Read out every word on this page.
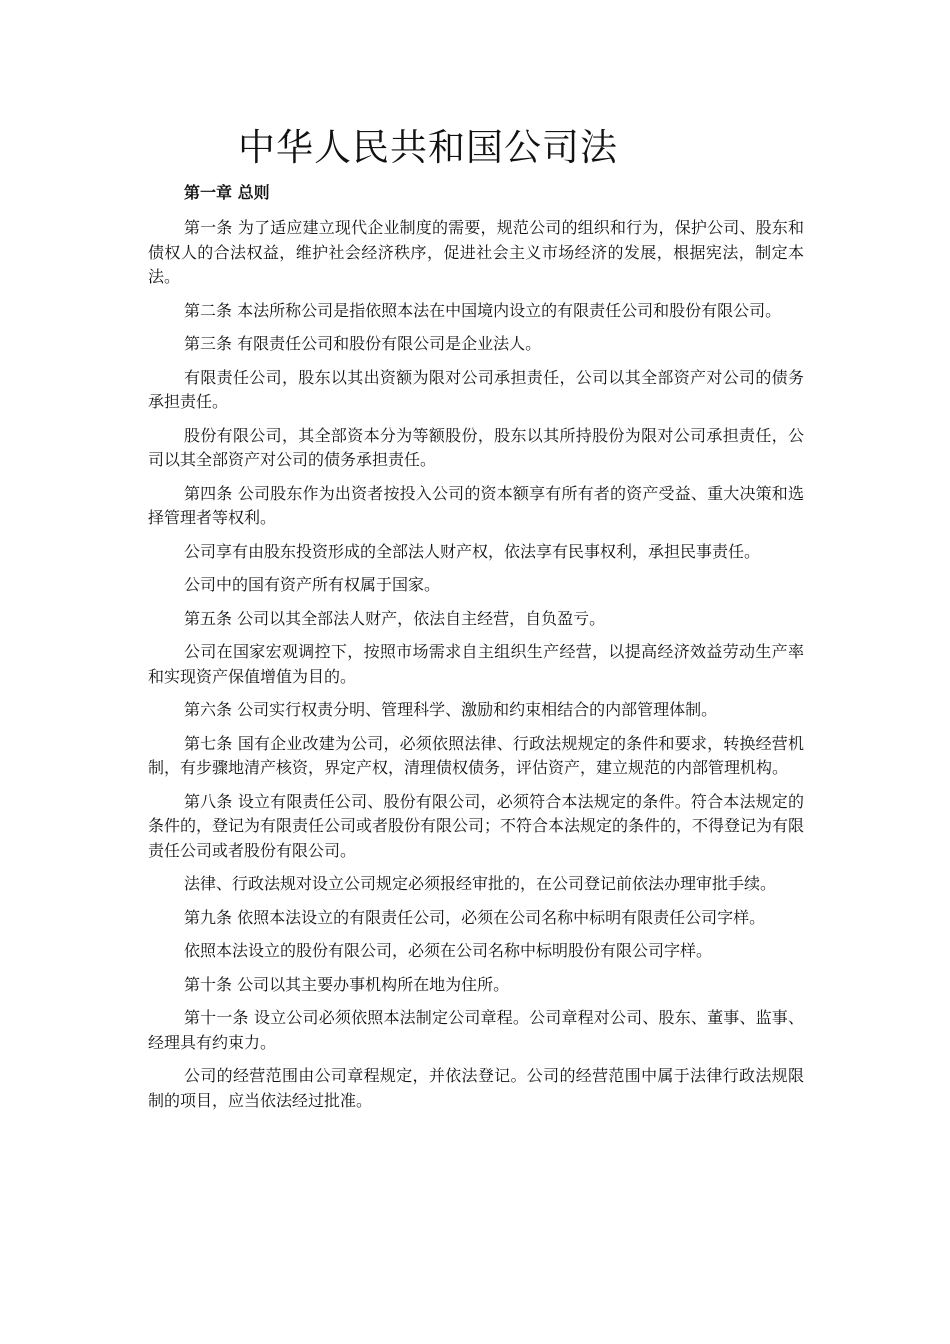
中华人民共和国公司法
第一章 总则

第一条 为了适应建立现代企业制度的需要，规范公司的组织和行为，保护公司、股东和债权人的合法权益，维护社会经济秩序，促进社会主义市场经济的发展，根据宪法，制定本法。

第二条 本法所称公司是指依照本法在中国境内设立的有限责任公司和股份有限公司。

第三条 有限责任公司和股份有限公司是企业法人。

有限责任公司，股东以其出资额为限对公司承担责任，公司以其全部资产对公司的债务承担责任。

股份有限公司，其全部资本分为等额股份，股东以其所持股份为限对公司承担责任，公司以其全部资产对公司的债务承担责任。

第四条 公司股东作为出资者按投入公司的资本额享有所有者的资产受益、重大决策和选择管理者等权利。

公司享有由股东投资形成的全部法人财产权，依法享有民事权利，承担民事责任。

公司中的国有资产所有权属于国家。

第五条 公司以其全部法人财产，依法自主经营，自负盈亏。

公司在国家宏观调控下，按照市场需求自主组织生产经营，以提高经济效益劳动生产率和实现资产保值增值为目的。

第六条 公司实行权责分明、管理科学、激励和约束相结合的内部管理体制。

第七条 国有企业改建为公司，必须依照法律、行政法规规定的条件和要求，转换经营机制，有步骤地清产核资，界定产权，清理债权债务，评估资产，建立规范的内部管理机构。

第八条 设立有限责任公司、股份有限公司，必须符合本法规定的条件。符合本法规定的条件的，登记为有限责任公司或者股份有限公司；不符合本法规定的条件的，不得登记为有限责任公司或者股份有限公司。

法律、行政法规对设立公司规定必须报经审批的，在公司登记前依法办理审批手续。

第九条 依照本法设立的有限责任公司，必须在公司名称中标明有限责任公司字样。

依照本法设立的股份有限公司，必须在公司名称中标明股份有限公司字样。

第十条 公司以其主要办事机构所在地为住所。

第十一条 设立公司必须依照本法制定公司章程。公司章程对公司、股东、董事、监事、经理具有约束力。

公司的经营范围由公司章程规定，并依法登记。公司的经营范围中属于法律行政法规限制的项目，应当依法经过批准。
